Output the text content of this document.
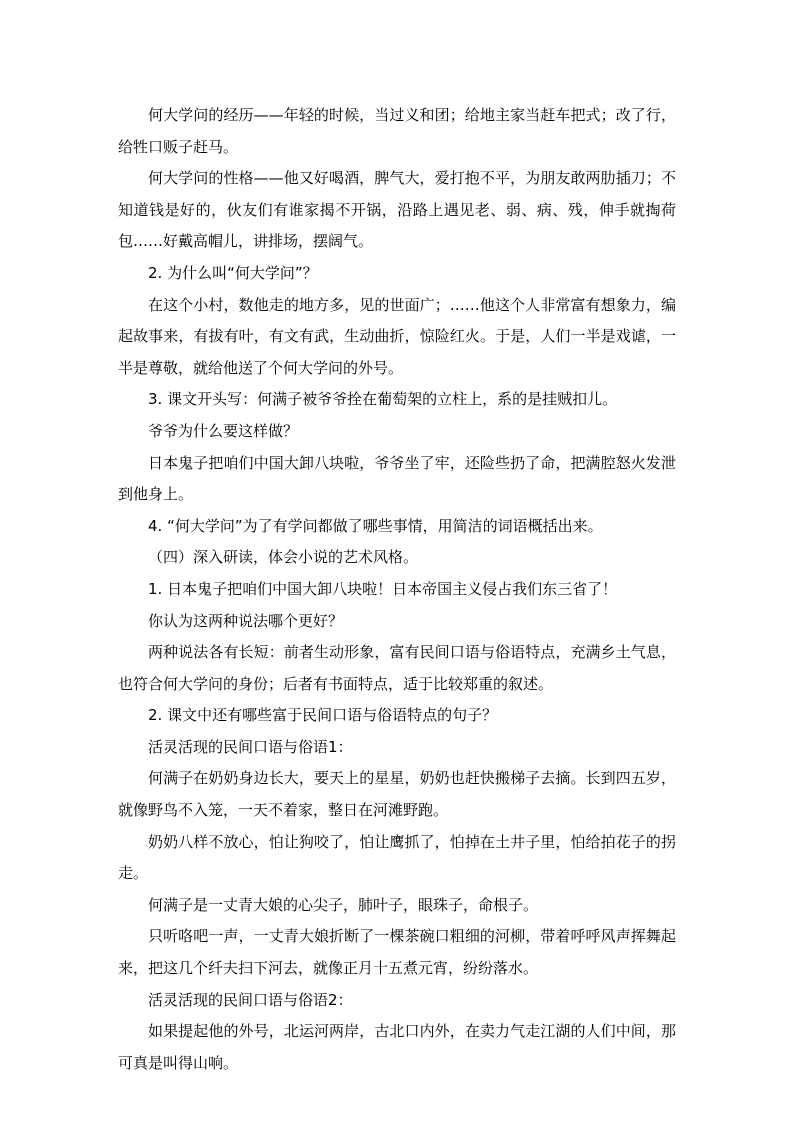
何大学问的经历——年轻的时候，当过义和团；给地主家当赶车把式；改了行，给牲口贩子赶马。

何大学问的性格——他又好喝酒，脾气大，爱打抱不平，为朋友敢两肋插刀；不知道钱是好的，伙友们有谁家揭不开锅，沿路上遇见老、弱、病、残，伸手就掏荷包……好戴高帽儿，讲排场，摆阔气。

2. 为什么叫“何大学问”？

在这个小村，数他走的地方多，见的世面广；……他这个人非常富有想象力，编起故事来，有拔有叶，有文有武，生动曲折，惊险红火。于是，人们一半是戏谑，一半是尊敬，就给他送了个何大学问的外号。

3. 课文开头写：何满子被爷爷拴在葡萄架的立柱上，系的是挂贼扣儿。

爷爷为什么要这样做？

日本鬼子把咱们中国大卸八块啦，爷爷坐了牢，还险些扔了命，把满腔怒火发泄到他身上。

4. “何大学问”为了有学问都做了哪些事情，用简洁的词语概括出来。

（四）深入研读，体会小说的艺术风格。

1. 日本鬼子把咱们中国大卸八块啦！日本帝国主义侵占我们东三省了！

你认为这两种说法哪个更好？

两种说法各有长短：前者生动形象，富有民间口语与俗语特点，充满乡土气息，也符合何大学问的身份；后者有书面特点，适于比较郑重的叙述。

2. 课文中还有哪些富于民间口语与俗语特点的句子？

活灵活现的民间口语与俗语1：

何满子在奶奶身边长大，要天上的星星，奶奶也赶快搬梯子去摘。长到四五岁，就像野鸟不入笼，一天不着家，整日在河滩野跑。

奶奶八样不放心，怕让狗咬了，怕让鹰抓了，怕掉在土井子里，怕给拍花子的拐走。

何满子是一丈青大娘的心尖子，肺叶子，眼珠子，命根子。

只听咯吧一声，一丈青大娘折断了一棵茶碗口粗细的河柳，带着呼呼风声挥舞起来，把这几个纤夫扫下河去，就像正月十五煮元宵，纷纷落水。

活灵活现的民间口语与俗语2：

如果提起他的外号，北运河两岸，古北口内外，在卖力气走江湖的人们中间，那可真是叫得山响。
